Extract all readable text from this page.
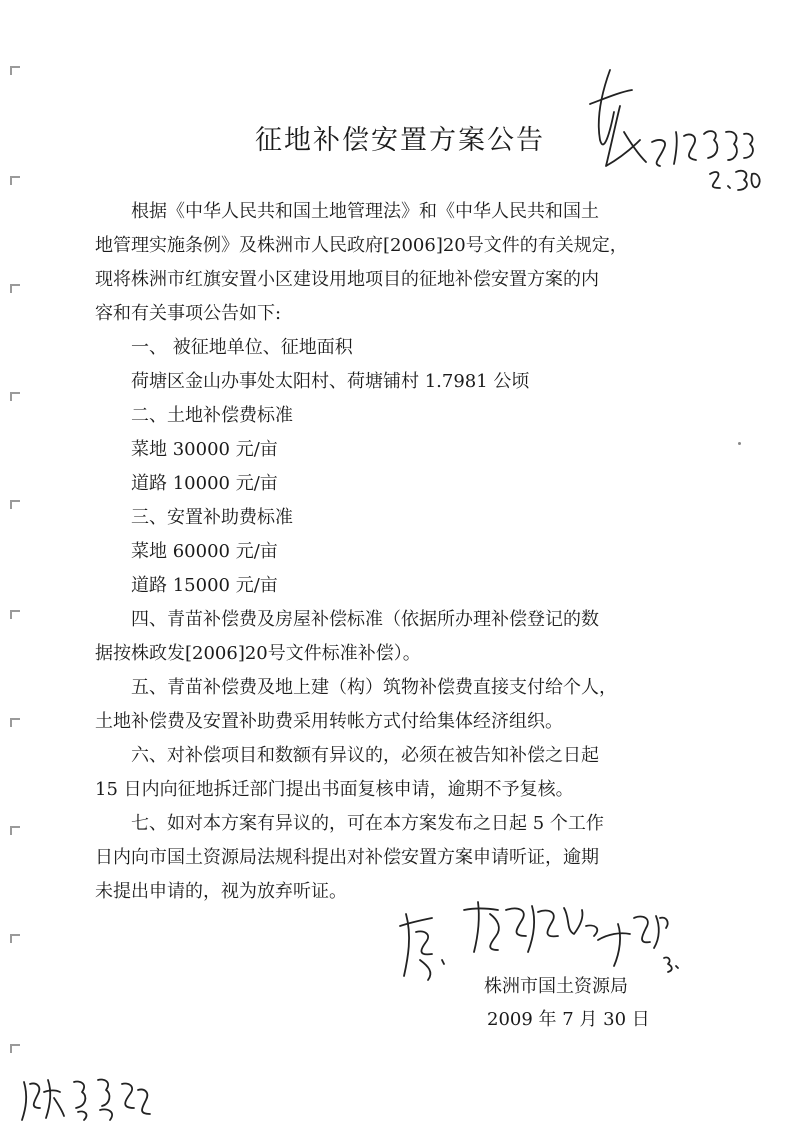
征地补偿安置方案公告
　　根据《中华人民共和国土地管理法》和《中华人民共和国土
地管理实施条例》及株洲市人民政府[2006]20号文件的有关规定，
现将株洲市红旗安置小区建设用地项目的征地补偿安置方案的内
容和有关事项公告如下:
　　一、 被征地单位、征地面积
　　荷塘区金山办事处太阳村、荷塘铺村 1.7981 公顷
　　二、土地补偿费标准
　　菜地 30000 元/亩
　　道路 10000 元/亩
　　三、安置补助费标准
　　菜地 60000 元/亩
　　道路 15000 元/亩
　　四、青苗补偿费及房屋补偿标准（依据所办理补偿登记的数
据按株政发[2006]20号文件标准补偿）。
　　五、青苗补偿费及地上建（构）筑物补偿费直接支付给个人，
土地补偿费及安置补助费采用转帐方式付给集体经济组织。
　　六、对补偿项目和数额有异议的，必须在被告知补偿之日起
15 日内向征地拆迁部门提出书面复核申请，逾期不予复核。
　　七、如对本方案有异议的，可在本方案发布之日起 5 个工作
日内向市国土资源局法规科提出对补偿安置方案申请听证，逾期
未提出申请的，视为放弃听证。
株洲市国土资源局
2009 年 7 月 30 日
